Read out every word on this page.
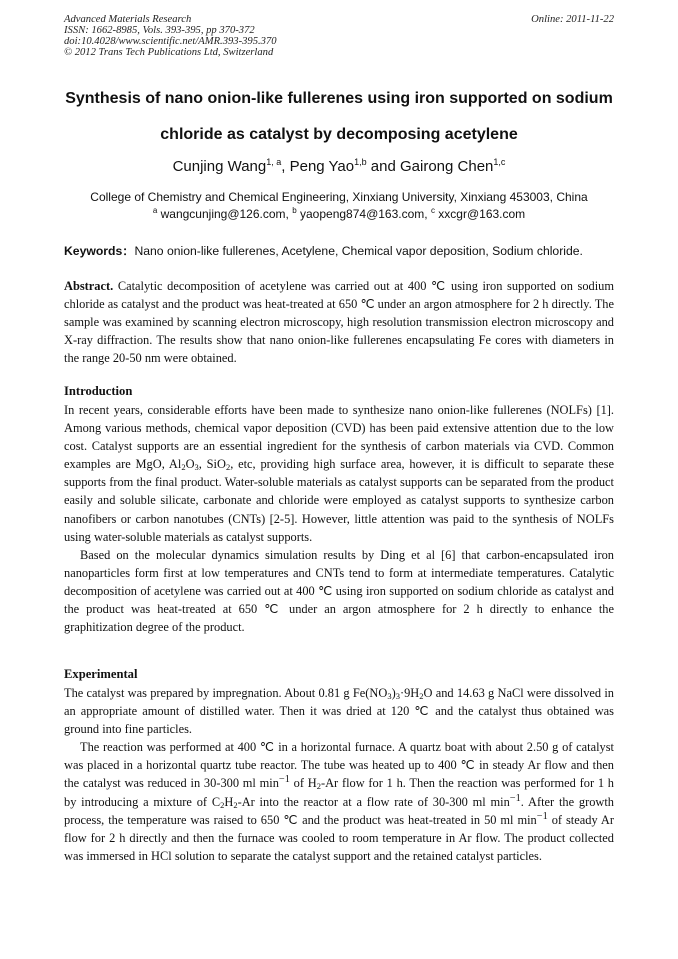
Advanced Materials Research
ISSN: 1662-8985, Vols. 393-395, pp 370-372
doi:10.4028/www.scientific.net/AMR.393-395.370
© 2012 Trans Tech Publications Ltd, Switzerland
Online: 2011-11-22
Synthesis of nano onion-like fullerenes using iron supported on sodium
chloride as catalyst by decomposing acetylene
Cunjing Wang$^{1, a}$, Peng Yao$^{1,b}$ and Gairong Chen$^{1,c}$
College of Chemistry and Chemical Engineering, Xinxiang University, Xinxiang 453003, China
$^a$ wangcunjing@126.com, $^b$ yaopeng874@163.com, $^c$ xxcgr@163.com
Keywords：Nano onion-like fullerenes, Acetylene, Chemical vapor deposition, Sodium chloride.

Abstract. Catalytic decomposition of acetylene was carried out at 400 ℃ using iron supported on sodium chloride as catalyst and the product was heat-treated at 650 ℃ under an argon atmosphere for 2 h directly. The sample was examined by scanning electron microscopy, high resolution transmission electron microscopy and X-ray diffraction. The results show that nano onion-like fullerenes encapsulating Fe cores with diameters in the range 20-50 nm were obtained.

Introduction

In recent years, considerable efforts have been made to synthesize nano onion-like fullerenes (NOLFs) [1]. Among various methods, chemical vapor deposition (CVD) has been paid extensive attention due to the low cost. Catalyst supports are an essential ingredient for the synthesis of carbon materials via CVD. Common examples are MgO, $Al_2O_3$, SiO$_2$, etc, providing high surface area, however, it is difficult to separate these supports from the final product. Water-soluble materials as catalyst supports can be separated from the product easily and soluble silicate, carbonate and chloride were employed as catalyst supports to synthesize carbon nanofibers or carbon nanotubes (CNTs) [2-5]. However, little attention was paid to the synthesis of NOLFs using water-soluble materials as catalyst supports.

Based on the molecular dynamics simulation results by Ding et al [6] that carbon-encapsulated iron nanoparticles form first at low temperatures and CNTs tend to form at intermediate temperatures. Catalytic decomposition of acetylene was carried out at 400 ℃ using iron supported on sodium chloride as catalyst and the product was heat-treated at 650 ℃ under an argon atmosphere for 2 h directly to enhance the graphitization degree of the product.

Experimental

The catalyst was prepared by impregnation. About 0.81 g $Fe(NO_3)_3\cdot 9H_2O$ and 14.63 g NaCl were dissolved in an appropriate amount of distilled water. Then it was dried at 120 ℃ and the catalyst thus obtained was ground into fine particles.

The reaction was performed at 400 ℃ in a horizontal furnace. A quartz boat with about 2.50 g of catalyst was placed in a horizontal quartz tube reactor. The tube was heated up to 400 ℃ in steady Ar flow and then the catalyst was reduced in 30-300 ml $\min^{-1}$ of $H_2-Ar$ flow for 1 h. Then the reaction was performed for 1 h by introducing a mixture of $C_2H_2-Ar$ into the reactor at a flow rate of 30-300 ml $\min^{-1}$. After the growth process, the temperature was raised to 650 ℃ and the product was heat-treated in 50 ml $\min^{-1}$ of steady Ar flow for 2 h directly and then the furnace was cooled to room temperature in Ar flow. The product collected was immersed in HCl solution to separate the catalyst support and the retained catalyst particles.
